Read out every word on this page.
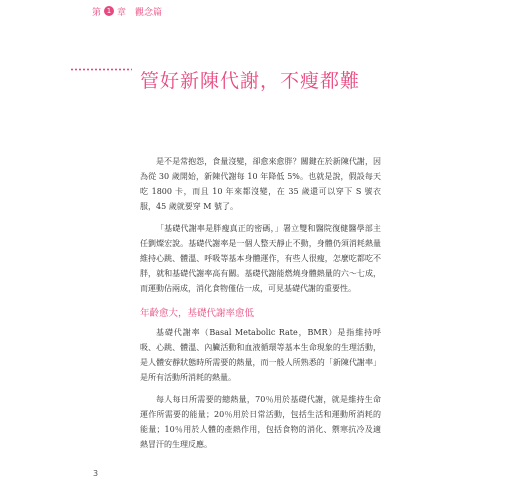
第 1 章 觀念篇
管好新陳代謝，不瘦都難

是不是常抱怨，食量沒變，卻愈來愈胖？關鍵在於新陳代謝，因為從 30 歲開始，新陳代謝每 10 年降低 5%。也就是說，假設每天吃 1800 卡，而且 10 年來都沒變，在 35 歲還可以穿下 S 號衣服，45 歲就要穿 M 號了。

「基礎代謝率是胖瘦真正的密碼，」署立雙和醫院復健醫學部主任劉燦宏說。基礎代謝率是一個人整天靜止不動，身體仍須消耗熱量維持心跳、體溫、呼吸等基本身體運作，有些人很瘦，怎麼吃都吃不胖，就和基礎代謝率高有關。基礎代謝能燃燒身體熱量的六～七成，而運動佔兩成，消化食物僅佔一成，可見基礎代謝的重要性。

年齡愈大，基礎代謝率愈低

基礎代謝率（Basal Metabolic Rate，BMR）是指維持呼吸、心跳、體溫、內臟活動和血液循環等基本生命現象的生理活動，是人體安靜狀態時所需要的熱量，而一般人所熟悉的「新陳代謝率」是所有活動所消耗的熱量。

每人每日所需要的總熱量，70％用於基礎代謝，就是維持生命運作所需要的能量；20％用於日常活動，包括生活和運動所消耗的能量；10％用於人體的產熱作用，包括食物的消化、禦寒抗冷及適熱冒汗的生理反應。

3
